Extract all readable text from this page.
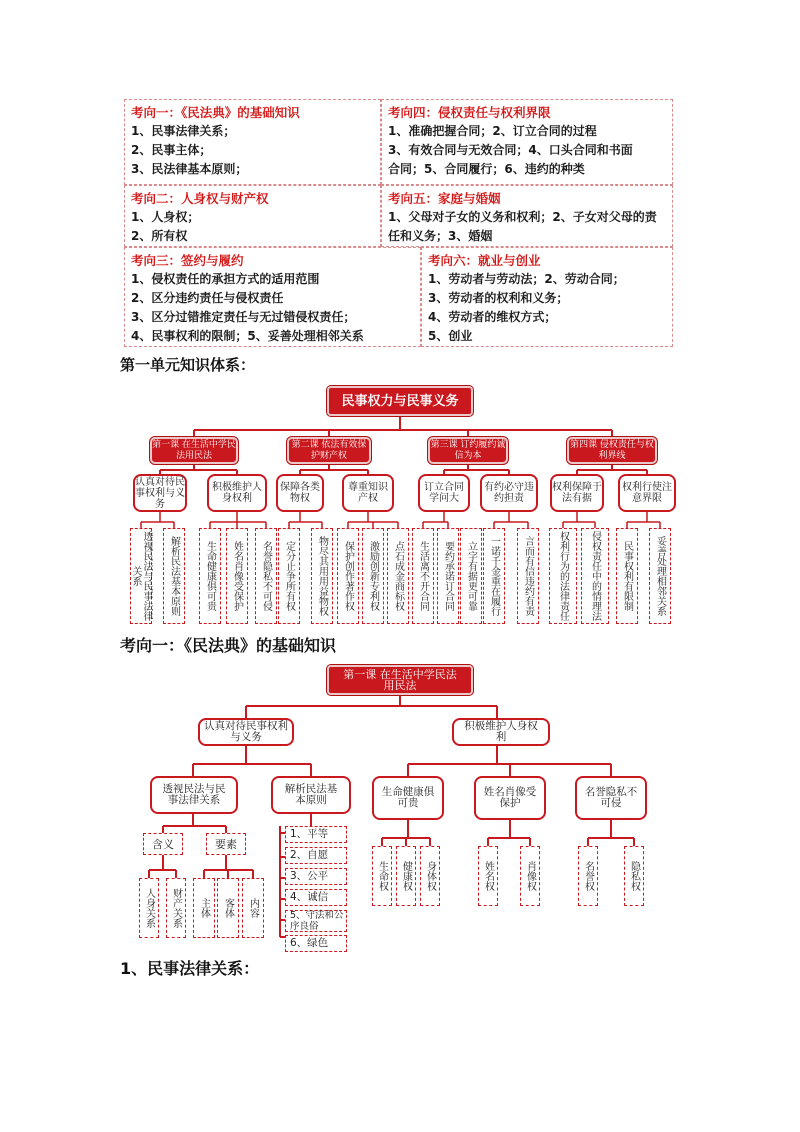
考向一：《民法典》的基础知识
1、民事法律关系；
2、民事主体；
3、民法律基本原则；
考向四：侵权责任与权利界限
1、准确把握合同；2、订立合同的过程
3、有效合同与无效合同；4、口头合同和书面
合同；5、合同履行；6、违约的种类
考向二：人身权与财产权
1、人身权；
2、所有权
考向五：家庭与婚姻
1、父母对子女的义务和权利；2、子女对父母的责
任和义务；3、婚姻
考向三：签约与履约
1、侵权责任的承担方式的适用范围
2、区分违约责任与侵权责任
3、区分过错推定责任与无过错侵权责任；
4、民事权利的限制；5、妥善处理相邻关系
考向六：就业与创业
1、劳动者与劳动法；2、劳动合同；
3、劳动者的权利和义务；
4、劳动者的维权方式；
5、创业
第一单元知识体系：
民事权力与民事义务
第一课 在生活中学民法用民法
第二课 依法有效保护财产权
第三课 订约履约诚信为本
第四课 侵权责任与权利界线
认真对待民事权利与义务
积极维护人身权利
保障各类物权
尊重知识产权
订立合同学问大
有约必守违约担责
权利保障于法有据
权利行使注意界限
透视民法与民事法律关系	解析民法基本原则	生命健康俱可贵 姓名肖像受保护 名誉隐私不可侵 定分止争所有权 物尽其用用益物权 保护创作著作权 激励创新专利权 点石成金商标权 生活离不开合同 要约承诺订合同 立字有据更可靠 一诺千金重在履行 言而有信违约有责 权利行为的法律责任 侵权责任中的情理法 民事权利有限制 妥善处理相邻关系
考向一：《民法典》的基础知识
第一课 在生活中学民法用民法
认真对待民事权利与义务
积极维护人身权利
透视民法与民事法律关系
解析民法基本原则
生命健康俱可贵
姓名肖像受保护
名誉隐私不可侵
含义	要素
人身关系 财产关系 主体 客体 内容
1、平等
2、自愿
3、公平
4、诚信
5、守法和公序良俗
6、绿色
生命权 健康权 身体权	姓名权	肖像权	名誉权	隐私权
1、民事法律关系：
